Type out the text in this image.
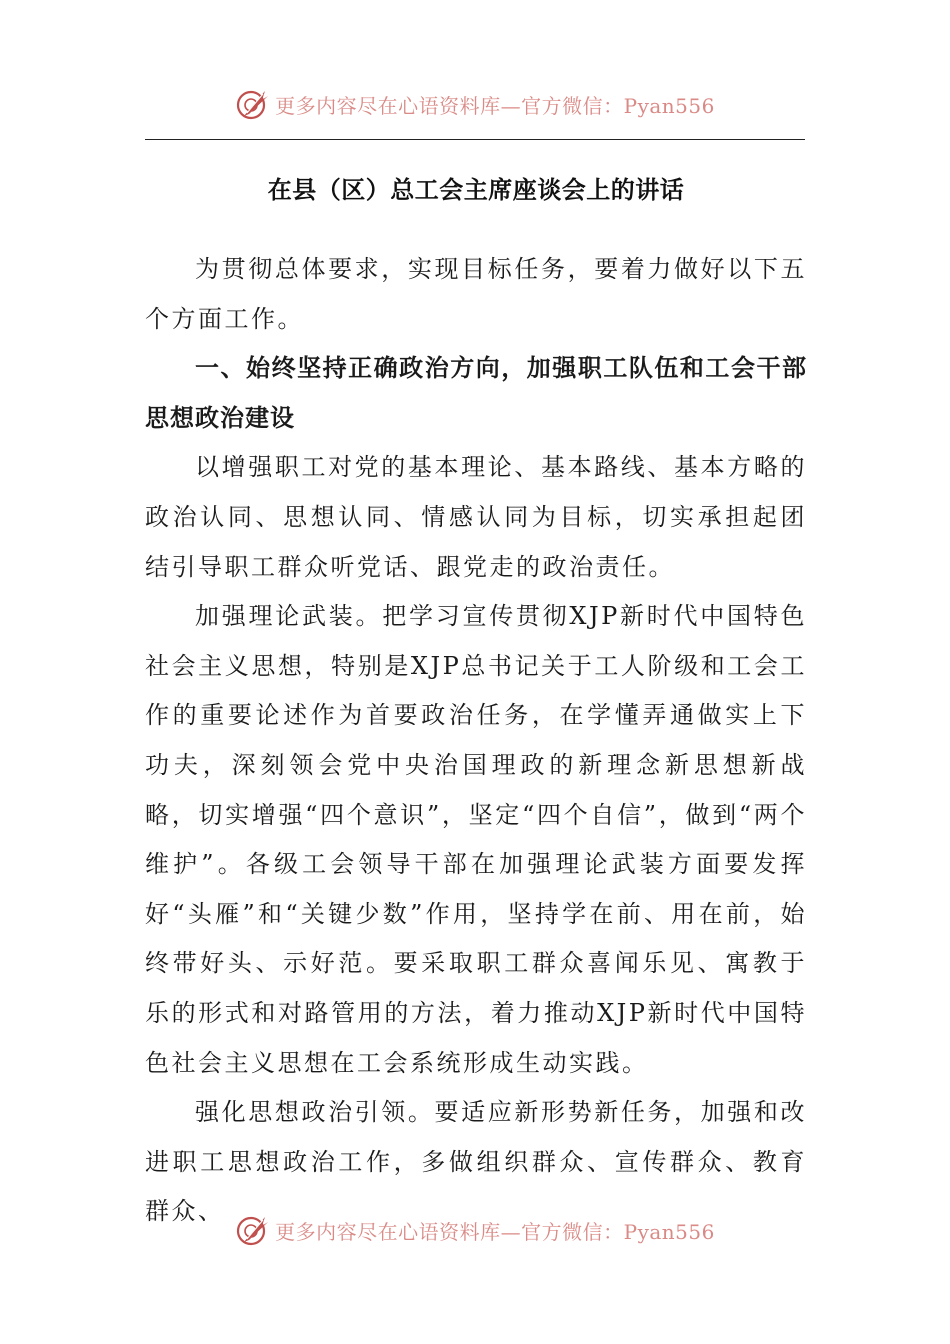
更多内容尽在心语资料库—官方微信：Pyan556
在县（区）总工会主席座谈会上的讲话

为贯彻总体要求，实现目标任务，要着力做好以下五个方面工作。

一、始终坚持正确政治方向，加强职工队伍和工会干部思想政治建设

以增强职工对党的基本理论、基本路线、基本方略的政治认同、思想认同、情感认同为目标，切实承担起团结引导职工群众听党话、跟党走的政治责任。

加强理论武装。把学习宣传贯彻XJP新时代中国特色社会主义思想，特别是XJP总书记关于工人阶级和工会工作的重要论述作为首要政治任务，在学懂弄通做实上下功夫，深刻领会党中央治国理政的新理念新思想新战略，切实增强“四个意识”，坚定“四个自信”，做到“两个维护”。各级工会领导干部在加强理论武装方面要发挥好“头雁”和“关键少数”作用，坚持学在前、用在前，始终带好头、示好范。要采取职工群众喜闻乐见、寓教于乐的形式和对路管用的方法，着力推动XJP新时代中国特色社会主义思想在工会系统形成生动实践。

强化思想政治引领。要适应新形势新任务，加强和改进职工思想政治工作，多做组织群众、宣传群众、教育群众、

更多内容尽在心语资料库—官方微信：Pyan556
